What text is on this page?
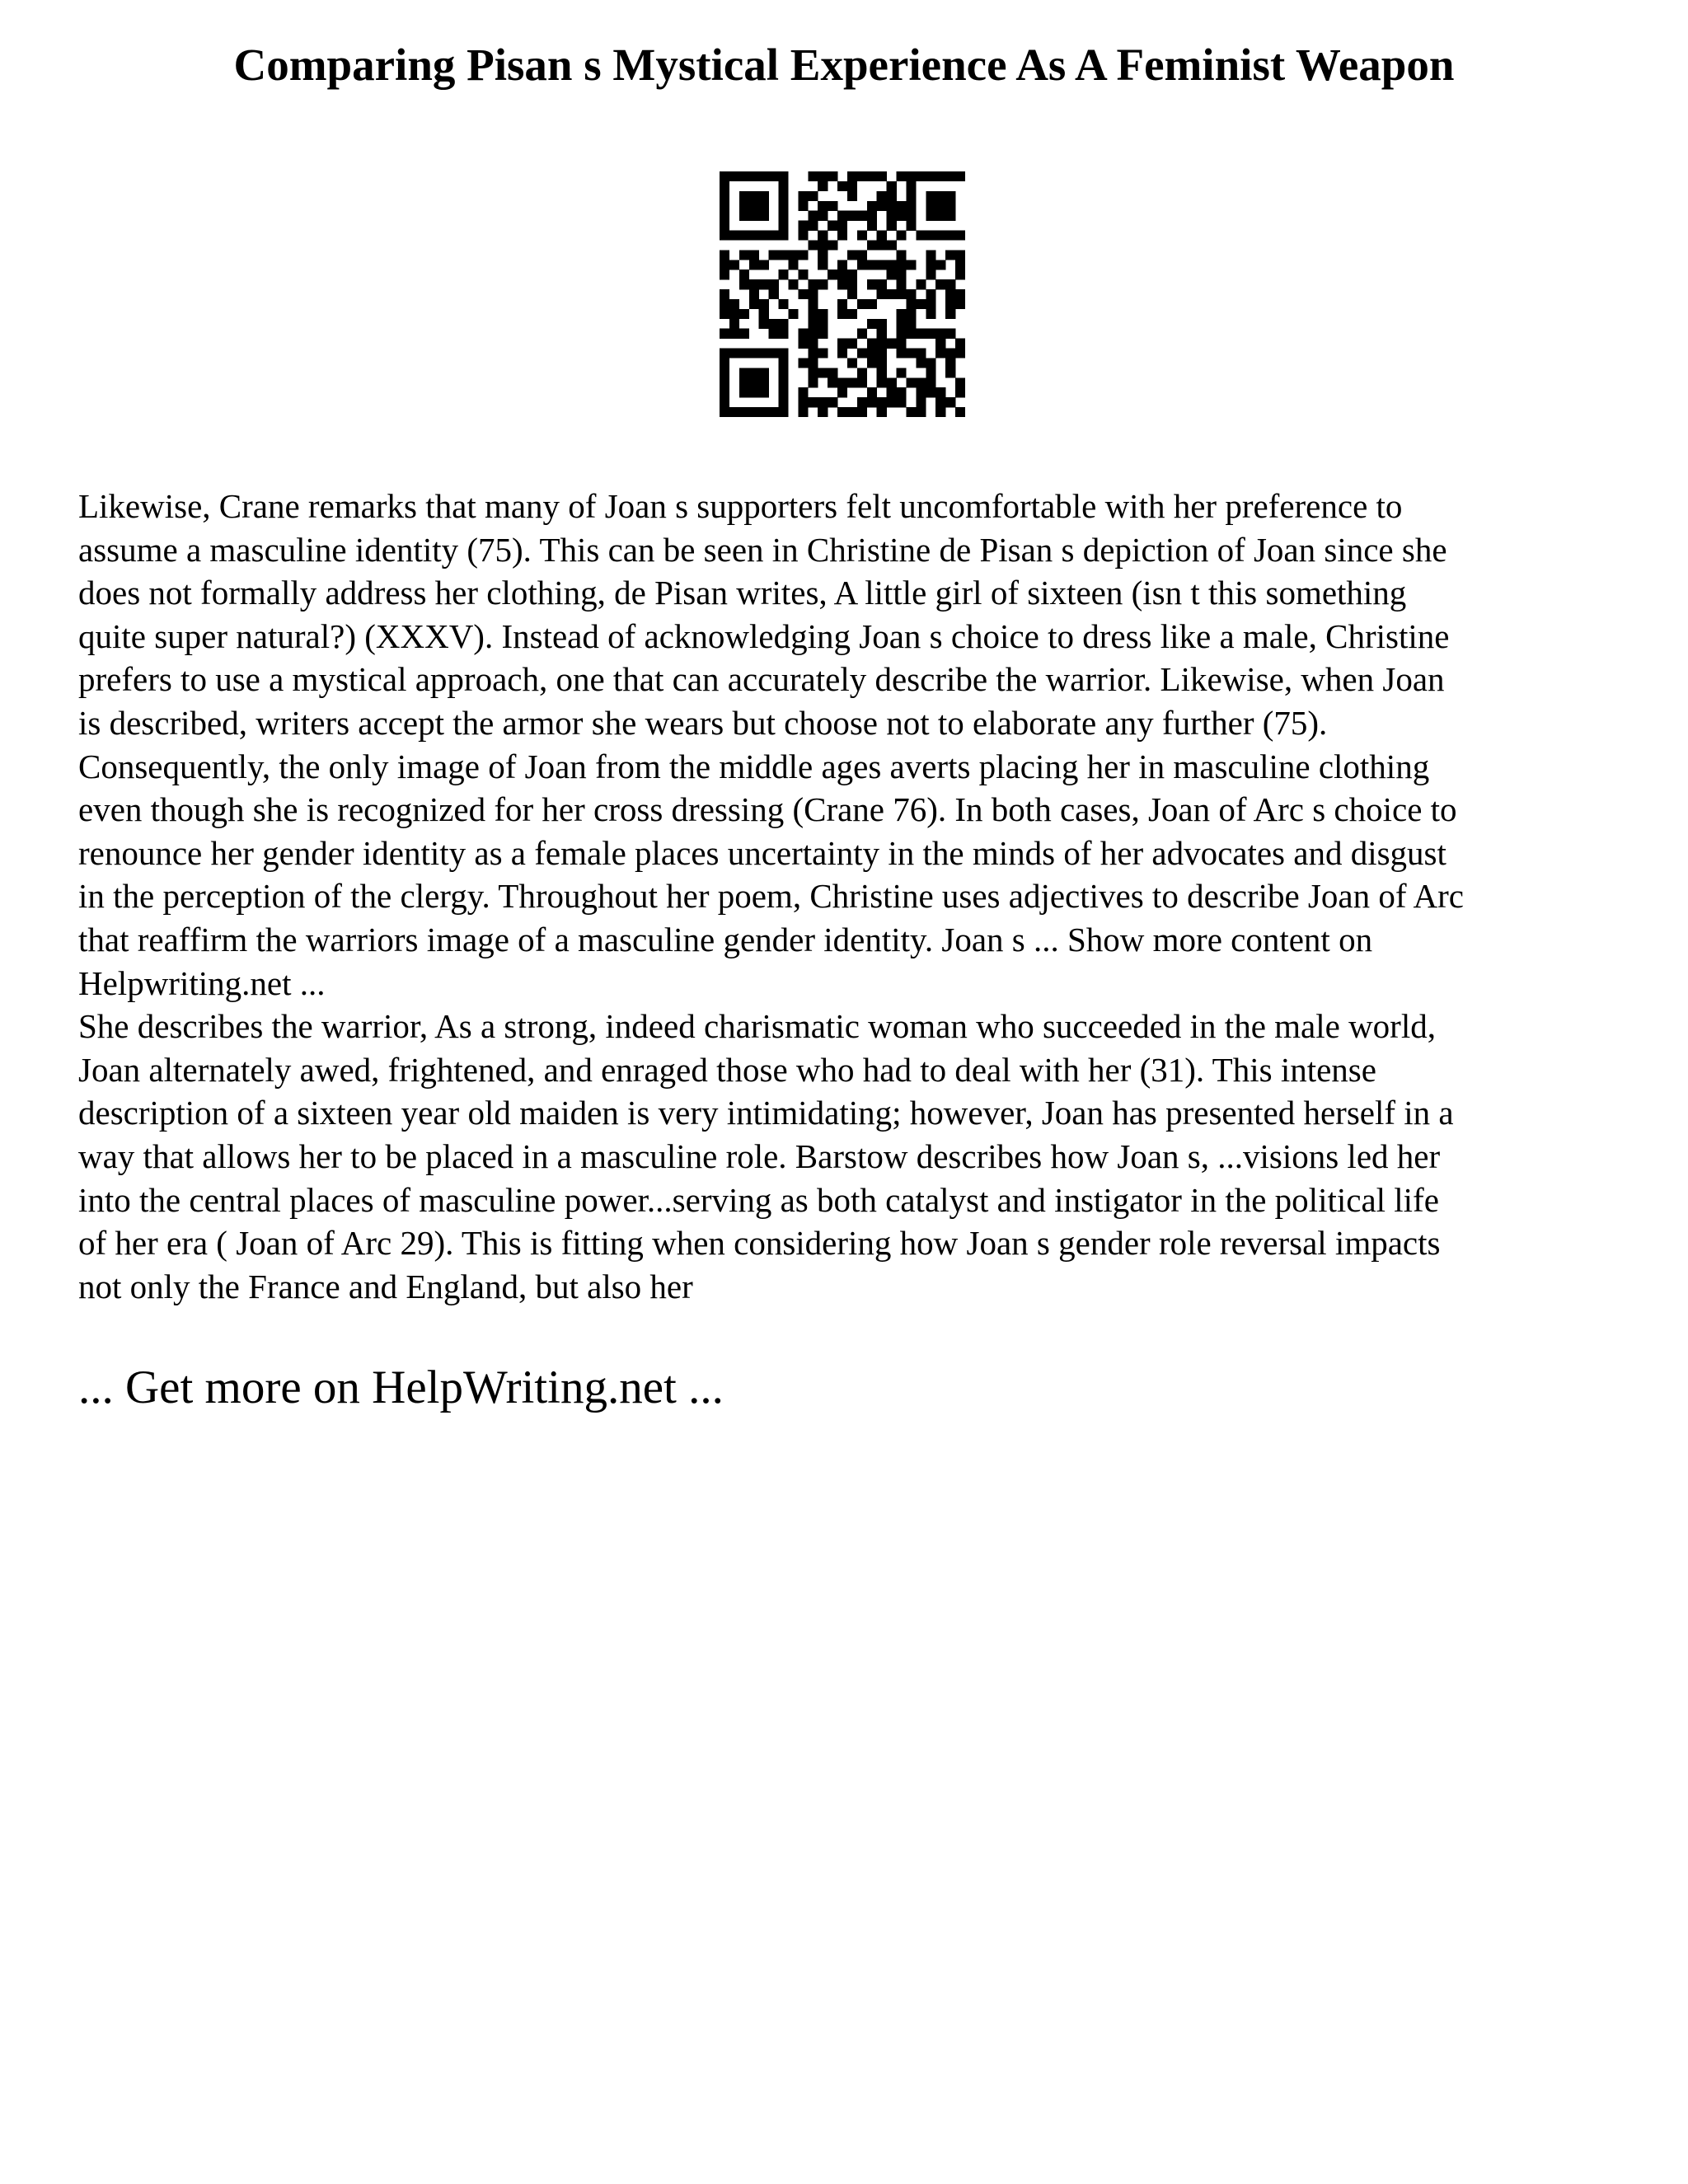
Comparing Pisan s Mystical Experience As A Feminist Weapon
Likewise, Crane remarks that many of Joan s supporters felt uncomfortable with her preference to
assume a masculine identity (75). This can be seen in Christine de Pisan s depiction of Joan since she
does not formally address her clothing, de Pisan writes, A little girl of sixteen (isn t this something
quite super natural?) (XXXV). Instead of acknowledging Joan s choice to dress like a male, Christine
prefers to use a mystical approach, one that can accurately describe the warrior. Likewise, when Joan
is described, writers accept the armor she wears but choose not to elaborate any further (75).
Consequently, the only image of Joan from the middle ages averts placing her in masculine clothing
even though she is recognized for her cross dressing (Crane 76). In both cases, Joan of Arc s choice to
renounce her gender identity as a female places uncertainty in the minds of her advocates and disgust
in the perception of the clergy. Throughout her poem, Christine uses adjectives to describe Joan of Arc
that reaffirm the warriors image of a masculine gender identity. Joan s ... Show more content on
Helpwriting.net ...
She describes the warrior, As a strong, indeed charismatic woman who succeeded in the male world,
Joan alternately awed, frightened, and enraged those who had to deal with her (31). This intense
description of a sixteen year old maiden is very intimidating; however, Joan has presented herself in a
way that allows her to be placed in a masculine role. Barstow describes how Joan s, ...visions led her
into the central places of masculine power...serving as both catalyst and instigator in the political life
of her era ( Joan of Arc 29). This is fitting when considering how Joan s gender role reversal impacts
not only the France and England, but also her
... Get more on HelpWriting.net ...
